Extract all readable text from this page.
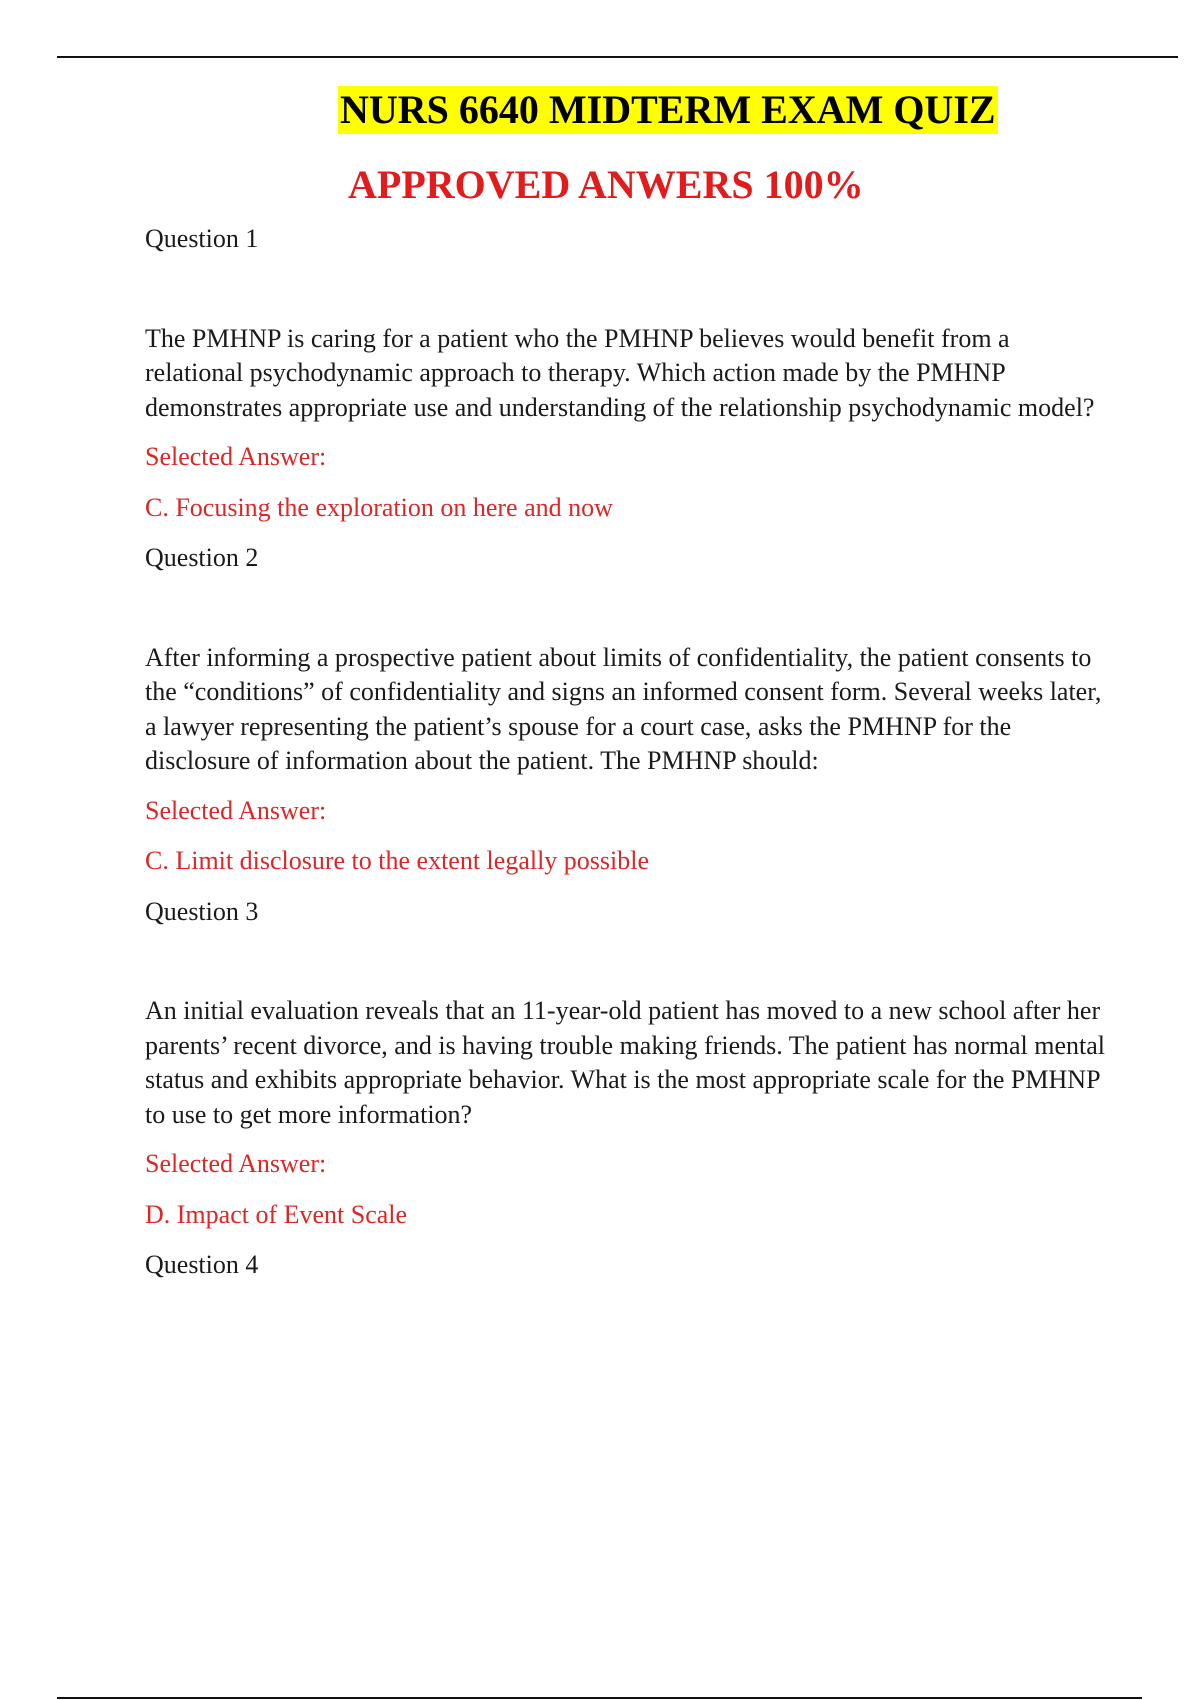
NURS 6640 MIDTERM EXAM QUIZ
APPROVED ANWERS 100%

Question 1

The PMHNP is caring for a patient who the PMHNP believes would benefit from a relational psychodynamic approach to therapy. Which action made by the PMHNP demonstrates appropriate use and understanding of the relationship psychodynamic model?

Selected Answer:

C. Focusing the exploration on here and now

Question 2

After informing a prospective patient about limits of confidentiality, the patient consents to the “conditions” of confidentiality and signs an informed consent form. Several weeks later, a lawyer representing the patient’s spouse for a court case, asks the PMHNP for the disclosure of information about the patient. The PMHNP should:

Selected Answer:

C. Limit disclosure to the extent legally possible

Question 3

An initial evaluation reveals that an 11-year-old patient has moved to a new school after her parents’ recent divorce, and is having trouble making friends. The patient has normal mental status and exhibits appropriate behavior. What is the most appropriate scale for the PMHNP to use to get more information?

Selected Answer:

D. Impact of Event Scale

Question 4
